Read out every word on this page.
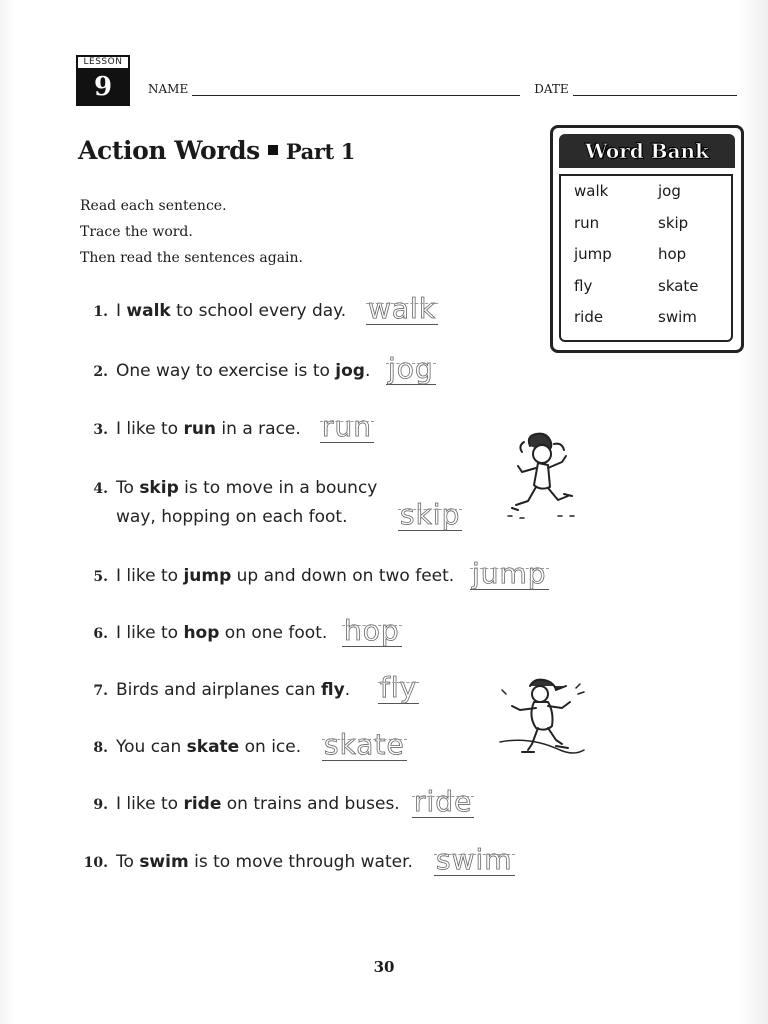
LESSON
9	NAME	DATE
Action Words Part 1
Read each sentence.
Trace the word.
Then read the sentences again.
Word Bank
walk	jog
run	skip
jump	hop
fly	skate
ride	swim
1. I walk to school every day. walk
2. One way to exercise is to jog. jog
3. I like to run in a race. run
4. To skip is to move in a bouncy
way, hopping on each foot. skip
5. I like to jump up and down on two feet. jump
6. I like to hop on one foot. hop
7. Birds and airplanes can fly. fly
8. You can skate on ice. skate
9. I like to ride on trains and buses. ride
10. To swim is to move through water. swim
30
